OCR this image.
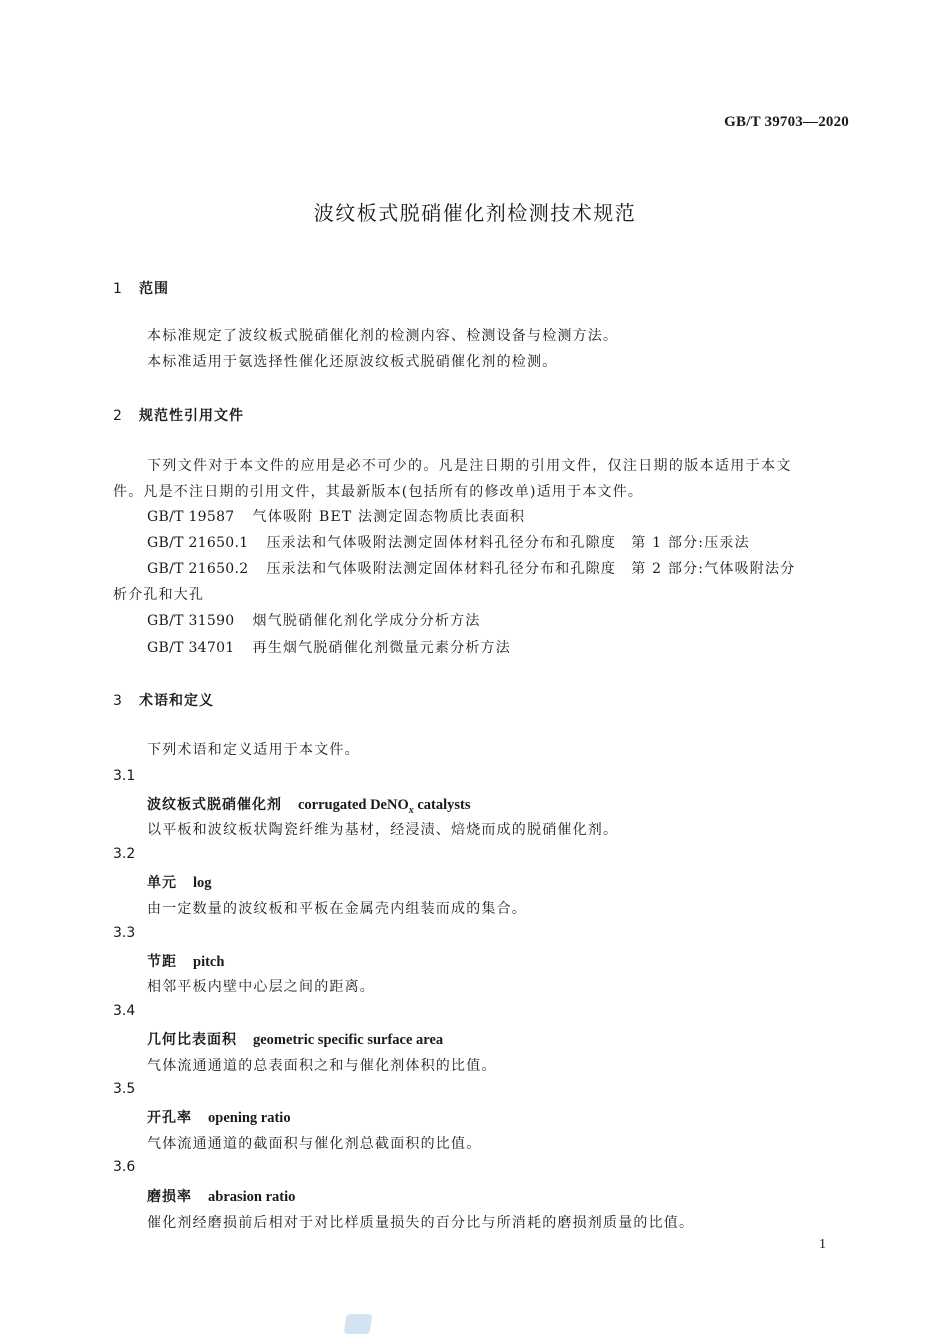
GB/T 39703—2020
波纹板式脱硝催化剂检测技术规范
1 范围
本标准规定了波纹板式脱硝催化剂的检测内容、检测设备与检测方法。
本标准适用于氨选择性催化还原波纹板式脱硝催化剂的检测。
2 规范性引用文件
下列文件对于本文件的应用是必不可少的。凡是注日期的引用文件，仅注日期的版本适用于本文
件。凡是不注日期的引用文件，其最新版本(包括所有的修改单)适用于本文件。
GB/T 19587 气体吸附 BET 法测定固态物质比表面积
GB/T 21650.1 压汞法和气体吸附法测定固体材料孔径分布和孔隙度　第 1 部分:压汞法
GB/T 21650.2 压汞法和气体吸附法测定固体材料孔径分布和孔隙度　第 2 部分:气体吸附法分
析介孔和大孔
GB/T 31590 烟气脱硝催化剂化学成分分析方法
GB/T 34701 再生烟气脱硝催化剂微量元素分析方法
3 术语和定义
下列术语和定义适用于本文件。
3.1
波纹板式脱硝催化剂 corrugated DeNO$_x$ catalysts
以平板和波纹板状陶瓷纤维为基材，经浸渍、焙烧而成的脱硝催化剂。
3.2
单元 log
由一定数量的波纹板和平板在金属壳内组装而成的集合。
3.3
节距 pitch
相邻平板内壁中心层之间的距离。
3.4
几何比表面积 geometric specific surface area
气体流通通道的总表面积之和与催化剂体积的比值。
3.5
开孔率 opening ratio
气体流通通道的截面积与催化剂总截面积的比值。
3.6
磨损率 abrasion ratio
催化剂经磨损前后相对于对比样质量损失的百分比与所消耗的磨损剂质量的比值。
1
